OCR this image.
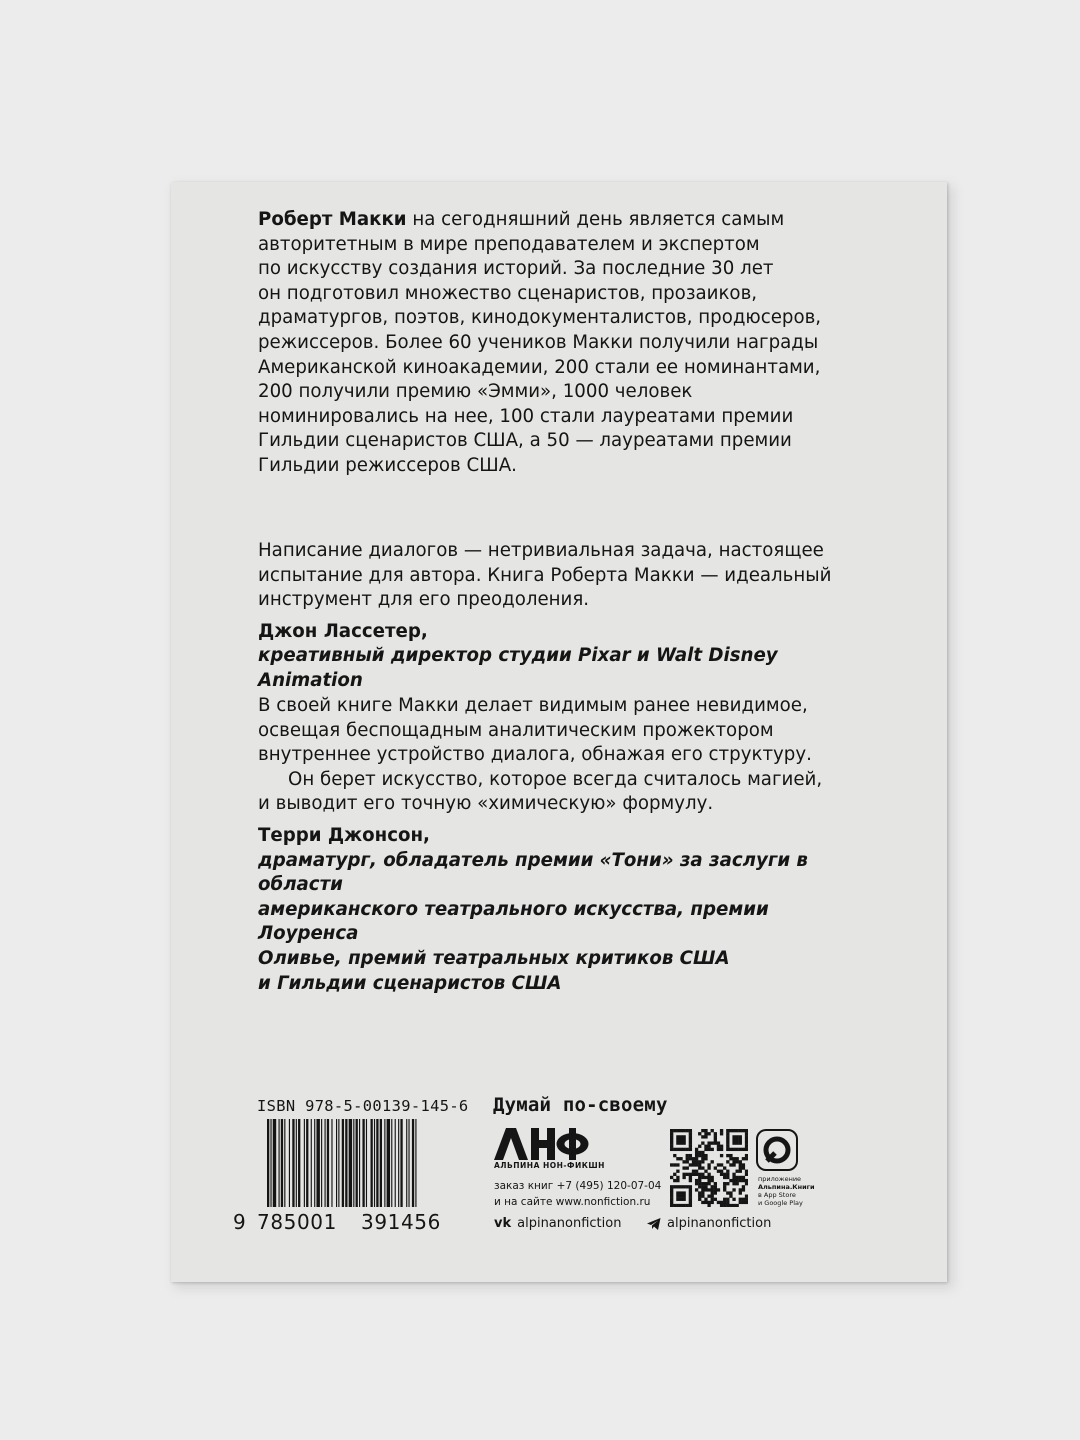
Роберт Макки на сегодняшний день является самым

авторитетным в мире преподавателем и экспертом

по искусству создания историй. За последние 30 лет

он подготовил множество сценаристов, прозаиков,

драматургов, поэтов, кинодокументалистов, продюсеров,

режиссеров. Более 60 учеников Макки получили награды

Американской киноакадемии, 200 стали ее номинантами,

200 получили премию «Эмми», 1000 человек

номинировались на нее, 100 стали лауреатами премии

Гильдии сценаристов США, а 50 — лауреатами премии

Гильдии режиссеров США.

Написание диалогов — нетривиальная задача, настоящее

испытание для автора. Книга Роберта Макки — идеальный

инструмент для его преодоления.

Джон Лассетер,

креативный директор студии Pixar и Walt Disney Animation

В своей книге Макки делает видимым ранее невидимое,

освещая беспощадным аналитическим прожектором

внутреннее устройство диалога, обнажая его структуру.

Он берет искусство, которое всегда считалось магией,

и выводит его точную «химическую» формулу.

Терри Джонсон,

драматург, обладатель премии «Тони» за заслуги в области

американского театрального искусства, премии Лоуренса

Оливье, премий театральных критиков США

и Гильдии сценаристов США

ISBN 978-5-00139-145-6
9 785001 391456
Думай по-своему
АЛЬПИНА НОН-ФИКШН
заказ книг +7 (495) 120-07-04
и на сайте www.nonfiction.ru
приложение
Альпина.Книги
в App Store
и Google Play
vk alpinanonfiction	alpinanonfiction
